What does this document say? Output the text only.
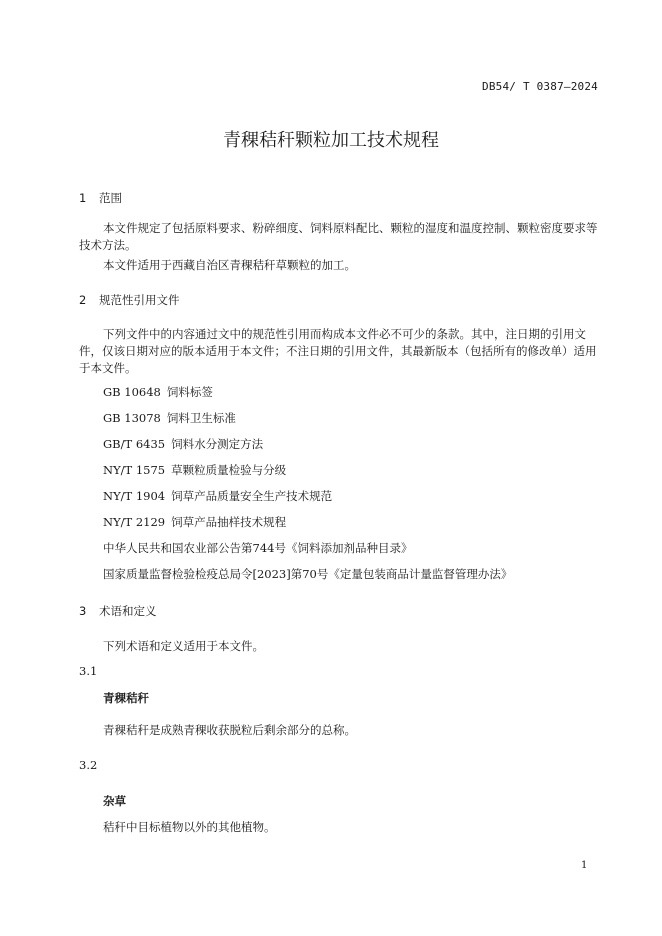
DB54/ T 0387—2024
青稞秸秆颗粒加工技术规程
1 范围
本文件规定了包括原料要求、粉碎细度、饲料原料配比、颗粒的湿度和温度控制、颗粒密度要求等技术方法。
本文件适用于西藏自治区青稞秸秆草颗粒的加工。
2 规范性引用文件
下列文件中的内容通过文中的规范性引用而构成本文件必不可少的条款。其中，注日期的引用文件，仅该日期对应的版本适用于本文件；不注日期的引用文件，其最新版本（包括所有的修改单）适用于本文件。
GB 10648 饲料标签
GB 13078 饲料卫生标准
GB/T 6435 饲料水分测定方法
NY/T 1575 草颗粒质量检验与分级
NY/T 1904 饲草产品质量安全生产技术规范
NY/T 2129 饲草产品抽样技术规程
中华人民共和国农业部公告第744号《饲料添加剂品种目录》
国家质量监督检验检疫总局令[2023]第70号《定量包装商品计量监督管理办法》
3 术语和定义
下列术语和定义适用于本文件。
3.1
青稞秸秆
青稞秸秆是成熟青稞收获脱粒后剩余部分的总称。
3.2
杂草
秸秆中目标植物以外的其他植物。
1
